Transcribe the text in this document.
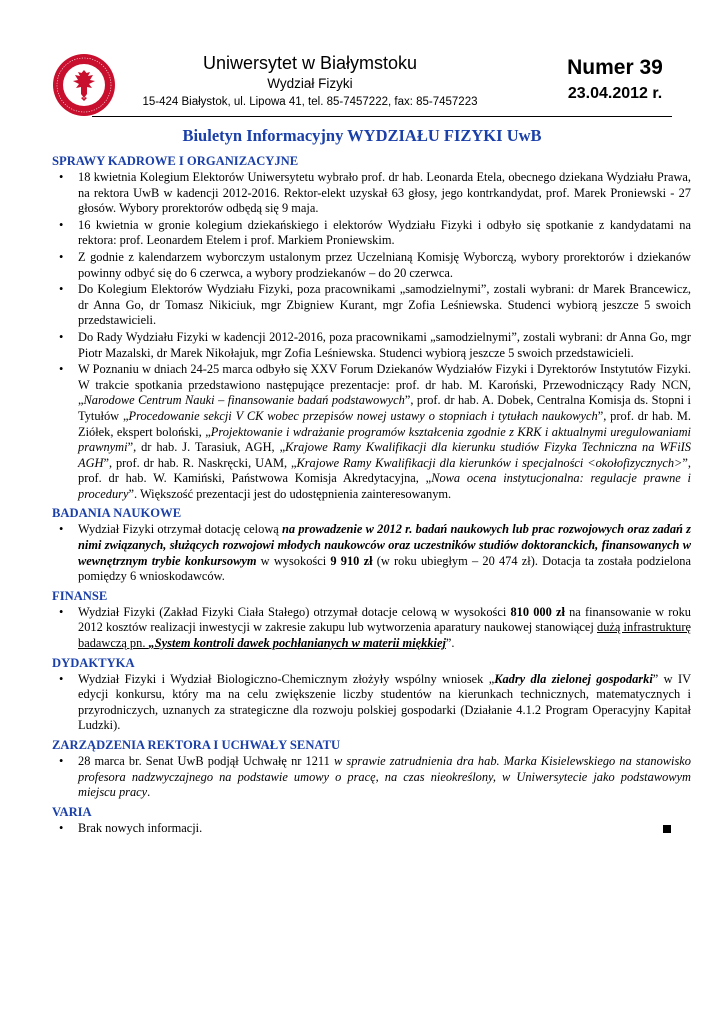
Uniwersytet w Białymstoku
Wydział Fizyki
15-424 Białystok, ul. Lipowa 41, tel. 85-7457222, fax: 85-7457223
Numer 39
23.04.2012 r.
Biuletyn Informacyjny WYDZIAŁU FIZYKI UwB
SPRAWY KADROWE I ORGANIZACYJNE
• 18 kwietnia Kolegium Elektorów Uniwersytetu wybrało prof. dr hab. Leonarda Etela, obecnego dziekana Wydziału Prawa, na rektora UwB w kadencji 2012-2016. Rektor-elekt uzyskał 63 głosy, jego kontrkandydat, prof. Marek Proniewski - 27 głosów. Wybory prorektorów odbędą się 9 maja.
• 16 kwietnia w gronie kolegium dziekańskiego i elektorów Wydziału Fizyki i odbyło się spotkanie z kandydatami na rektora: prof. Leonardem Etelem i prof. Markiem Proniewskim.
• Z godnie z kalendarzem wyborczym ustalonym przez Uczelnianą Komisję Wyborczą, wybory prorektorów i dziekanów powinny odbyć się do 6 czerwca, a wybory prodziekanów – do 20 czerwca.
• Do Kolegium Elektorów Wydziału Fizyki, poza pracownikami „samodzielnymi”, zostali wybrani: dr Marek Brancewicz, dr Anna Go, dr Tomasz Nikiciuk, mgr Zbigniew Kurant, mgr Zofia Leśniewska. Studenci wybiorą jeszcze 5 swoich przedstawicieli.
• Do Rady Wydziału Fizyki w kadencji 2012-2016, poza pracownikami „samodzielnymi”, zostali wybrani: dr Anna Go, mgr Piotr Mazalski, dr Marek Nikołajuk, mgr Zofia Leśniewska. Studenci wybiorą jeszcze 5 swoich przedstawicieli.
• W Poznaniu w dniach 24-25 marca odbyło się XXV Forum Dziekanów Wydziałów Fizyki i Dyrektorów Instytutów Fizyki. W trakcie spotkania przedstawiono następujące prezentacje: prof. dr hab. M. Karoński, Przewodniczący Rady NCN, „Narodowe Centrum Nauki – finansowanie badań podstawowych”, prof. dr hab. A. Dobek, Centralna Komisja ds. Stopni i Tytułów „Procedowanie sekcji V CK wobec przepisów nowej ustawy o stopniach i tytułach naukowych”, prof. dr hab. M. Ziółek, ekspert boloński, „Projektowanie i wdrażanie programów kształcenia zgodnie z KRK i aktualnymi uregulowaniami prawnymi”, dr hab. J. Tarasiuk, AGH, „Krajowe Ramy Kwalifikacji dla kierunku studiów Fizyka Techniczna na WFiIS AGH”, prof. dr hab. R. Naskręcki, UAM, „Krajowe Ramy Kwalifikacji dla kierunków i specjalności <okołofizycznych>”, prof. dr hab. W. Kamiński, Państwowa Komisja Akredytacyjna, „Nowa ocena instytucjonalna: regulacje prawne i procedury”. Większość prezentacji jest do udostępnienia zainteresowanym.
BADANIA NAUKOWE
• Wydział Fizyki otrzymał dotację celową na prowadzenie w 2012 r. badań naukowych lub prac rozwojowych oraz zadań z nimi związanych, służących rozwojowi młodych naukowców oraz uczestników studiów doktoranckich, finansowanych w wewnętrznym trybie konkursowym w wysokości 9 910 zł (w roku ubiegłym – 20 474 zł). Dotacja ta została podzielona pomiędzy 6 wnioskodawców.
FINANSE
• Wydział Fizyki (Zakład Fizyki Ciała Stałego) otrzymał dotacje celową w wysokości 810 000 zł na finansowanie w roku 2012 kosztów realizacji inwestycji w zakresie zakupu lub wytworzenia aparatury naukowej stanowiącej dużą infrastrukturę badawczą pn. „System kontroli dawek pochłanianych w materii miękkiej”.
DYDAKTYKA
• Wydział Fizyki i Wydział Biologiczno-Chemicznym złożyły wspólny wniosek „Kadry dla zielonej gospodarki” w IV edycji konkursu, który ma na celu zwiększenie liczby studentów na kierunkach technicznych, matematycznych i przyrodniczych, uznanych za strategiczne dla rozwoju polskiej gospodarki (Działanie 4.1.2 Program Operacyjny Kapitał Ludzki).
ZARZĄDZENIA REKTORA I UCHWAŁY SENATU
• 28 marca br. Senat UwB podjął Uchwałę nr 1211 w sprawie zatrudnienia dra hab. Marka Kisielewskiego na stanowisko profesora nadzwyczajnego na podstawie umowy o pracę, na czas nieokreślony, w Uniwersytecie jako podstawowym miejscu pracy.
VARIA
• Brak nowych informacji.
